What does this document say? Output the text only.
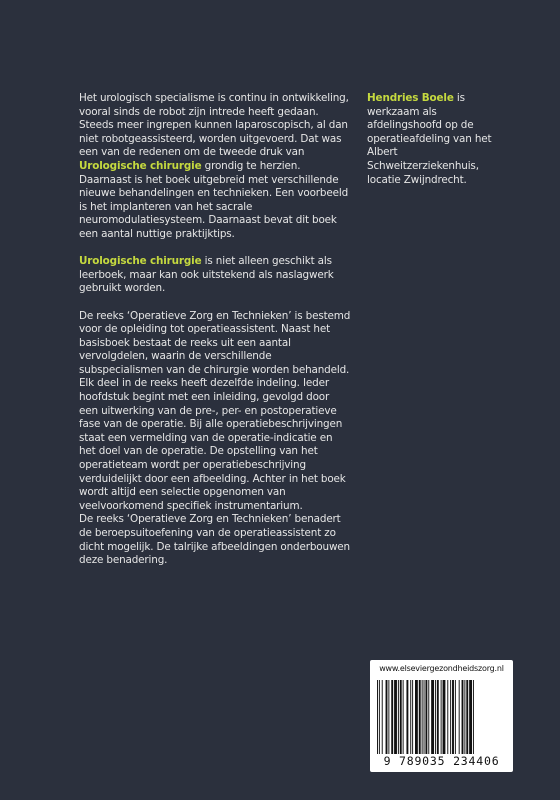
Het urologisch specialisme is continu in ontwikkeling, vooral sinds de robot zijn intrede heeft gedaan. Steeds meer ingrepen kunnen laparoscopisch, al dan niet robotgeassisteerd, worden uitgevoerd. Dat was een van de redenen om de tweede druk van Urologische chirurgie grondig te herzien. Daarnaast is het boek uitgebreid met verschillende nieuwe behandelingen en technieken. Een voorbeeld is het implanteren van het sacrale neuromodulatiesysteem. Daarnaast bevat dit boek een aantal nuttige praktijktips.

Urologische chirurgie is niet alleen geschikt als leerboek, maar kan ook uitstekend als naslagwerk gebruikt worden.

De reeks ‘Operatieve Zorg en Technieken’ is bestemd voor de opleiding tot operatieassistent. Naast het basisboek bestaat de reeks uit een aantal vervolgdelen, waarin de verschillende subspecialismen van de chirurgie worden behandeld.

Elk deel in de reeks heeft dezelfde indeling. Ieder hoofdstuk begint met een inleiding, gevolgd door een uitwerking van de pre-, per- en postoperatieve fase van de operatie. Bij alle operatiebeschrijvingen staat een vermelding van de operatie-indicatie en het doel van de operatie. De opstelling van het operatieteam wordt per operatiebeschrijving verduidelijkt door een afbeelding. Achter in het boek wordt altijd een selectie opgenomen van veelvoorkomend specifiek instrumentarium.

De reeks ‘Operatieve Zorg en Technieken’ benadert de beroepsuitoefening van de operatieassistent zo dicht mogelijk. De talrijke afbeeldingen onderbouwen deze benadering.

Hendries Boele is werkzaam als afdelingshoofd op de operatieafdeling van het Albert Schweitzerziekenhuis, locatie Zwijndrecht.

www.elseviergezondheidszorg.nl
9 789035 234406
